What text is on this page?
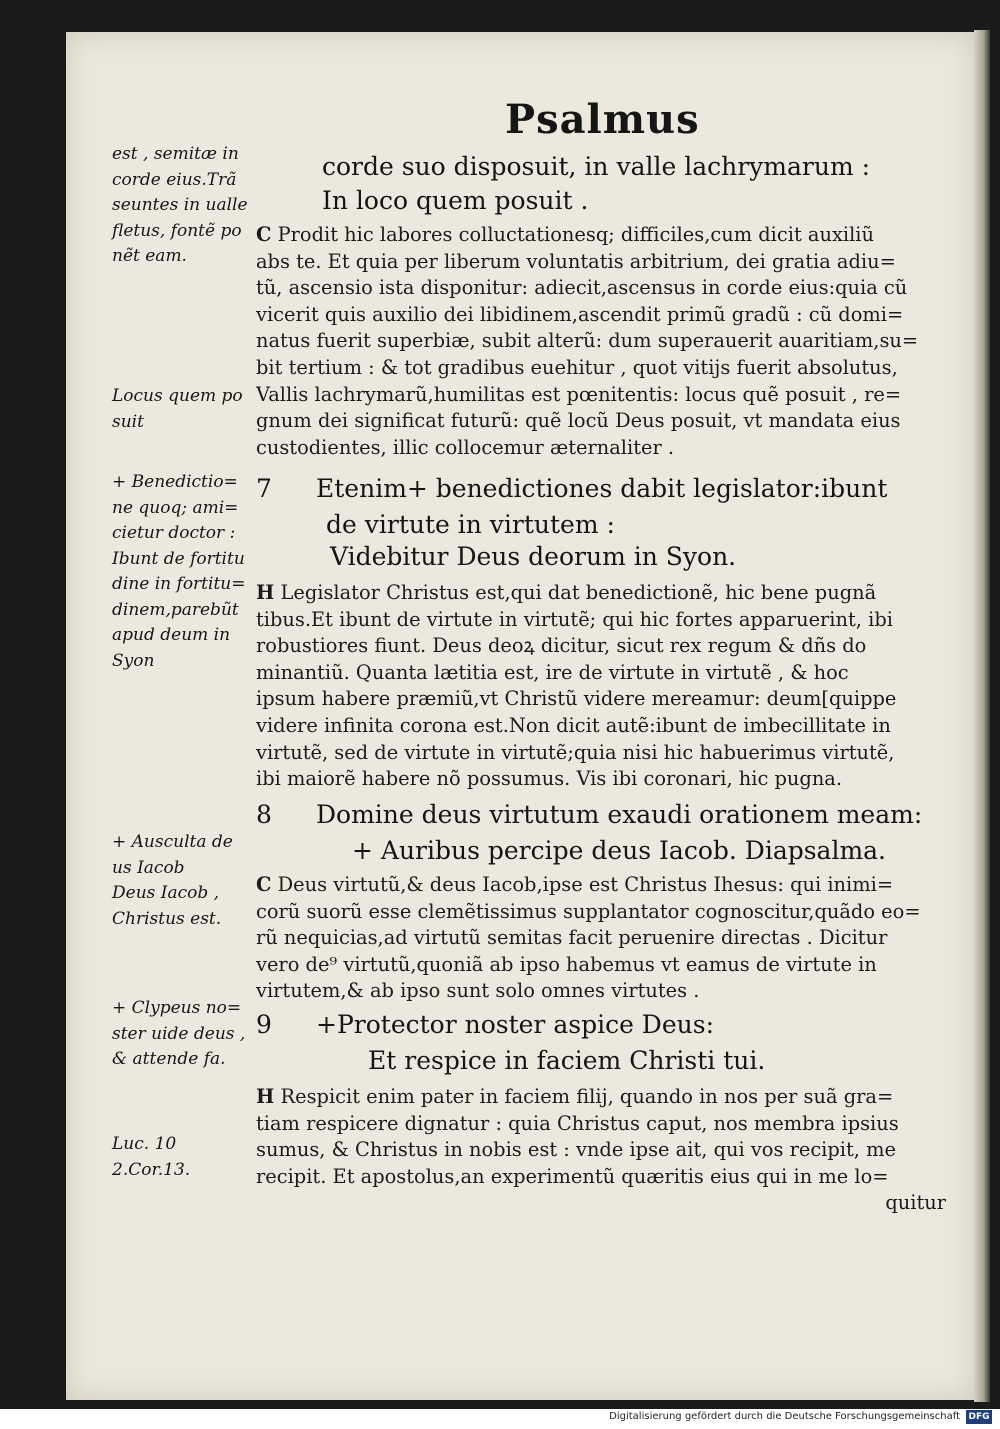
Psalmus
corde suo disposuit, in valle lachrymarum :
In loco quem posuit .
C Prodit hic labores colluctationesq; difficiles,cum dicit auxiliũ
abs te. Et quia per liberum voluntatis arbitrium, dei gratia adiu=
tũ, ascensio ista disponitur: adiecit,ascensus in corde eius:quia cũ
vicerit quis auxilio dei libidinem,ascendit primũ gradũ : cũ domi=
natus fuerit superbiæ, subit alterũ: dum superauerit auaritiam,su=
bit tertium : & tot gradibus euehitur , quot vitijs fuerit absolutus,
Vallis lachrymarũ,humilitas est pœnitentis: locus quẽ posuit , re=
gnum dei significat futurũ: quẽ locũ Deus posuit, vt mandata eius
custodientes, illic collocemur æternaliter .
7 Etenim+ benedictiones dabit legislator:ibunt
de virtute in virtutem :
Videbitur Deus deorum in Syon.
H Legislator Christus est,qui dat benedictionẽ, hic bene pugnã
tibus.Et ibunt de virtute in virtutẽ; qui hic fortes apparuerint, ibi
robustiores fiunt. Deus deoꝝ dicitur, sicut rex regum & dñs do
minantiũ. Quanta lætitia est, ire de virtute in virtutẽ , & hoc
ipsum habere præmiũ,vt Christũ videre mereamur: deum[quippe
videre infinita corona est.Non dicit autẽ:ibunt de imbecillitate in
virtutẽ, sed de virtute in virtutẽ;quia nisi hic habuerimus virtutẽ,
ibi maiorẽ habere nõ possumus. Vis ibi coronari, hic pugna.
8 Domine deus virtutum exaudi orationem meam:
+ Auribus percipe deus Iacob. Diapsalma.
C Deus virtutũ,& deus Iacob,ipse est Christus Ihesus: qui inimi=
corũ suorũ esse clemẽtissimus supplantator cognoscitur,quãdo eo=
rũ nequicias,ad virtutũ semitas facit peruenire directas . Dicitur
vero de⁹ virtutũ,quoniã ab ipso habemus vt eamus de virtute in
virtutem,& ab ipso sunt solo omnes virtutes .
9 +Protector noster aspice Deus:
Et respice in faciem Christi tui.
H Respicit enim pater in faciem filij, quando in nos per suã gra=
tiam respicere dignatur : quia Christus caput, nos membra ipsius
sumus, & Christus in nobis est : vnde ipse ait, qui vos recipit, me
recipit. Et apostolus,an experimentũ quæritis eius qui in me lo=
quitur
est , semitæ in
corde eius.Trã
seuntes in ualle
fletus, fontẽ po
nẽt eam.
Locus quem po
suit
+ Benedictio=
ne quoq; ami=
cietur doctor :
Ibunt de fortitu
dine in fortitu=
dinem,parebũt
apud deum in
Syon
+ Ausculta de
us Iacob
Deus Iacob ,
Christus est.
+ Clypeus no=
ster uide deus ,
& attende fa.
Luc. 10
2.Cor.13.
Digitalisierung gefördert durch die Deutsche Forschungsgemeinschaft DFG
